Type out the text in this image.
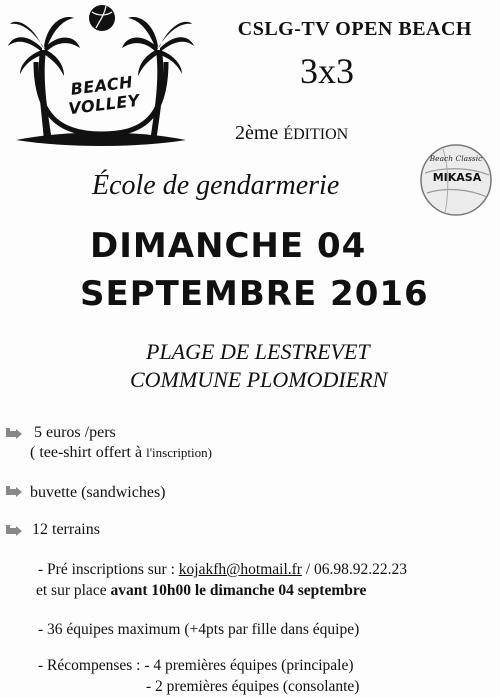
BEACH VOLLEY
CSLG-TV OPEN BEACH
3x3
2ème ÉDITION
Beach Classic
MIKASA
École de gendarmerie
DIMANCHE 04
SEPTEMBRE 2016
PLAGE DE LESTREVET
COMMUNE PLOMODIERN
5 euros /pers
( tee-shirt offert à l'inscription)
buvette (sandwiches)
12 terrains
- Pré inscriptions sur : kojakfh@hotmail.fr / 06.98.92.22.23
et sur place avant 10h00 le dimanche 04 septembre
- 36 équipes maximum (+4pts par fille dans équipe)
- Récompenses : - 4 premières équipes (principale)
- 2 premières équipes (consolante)
